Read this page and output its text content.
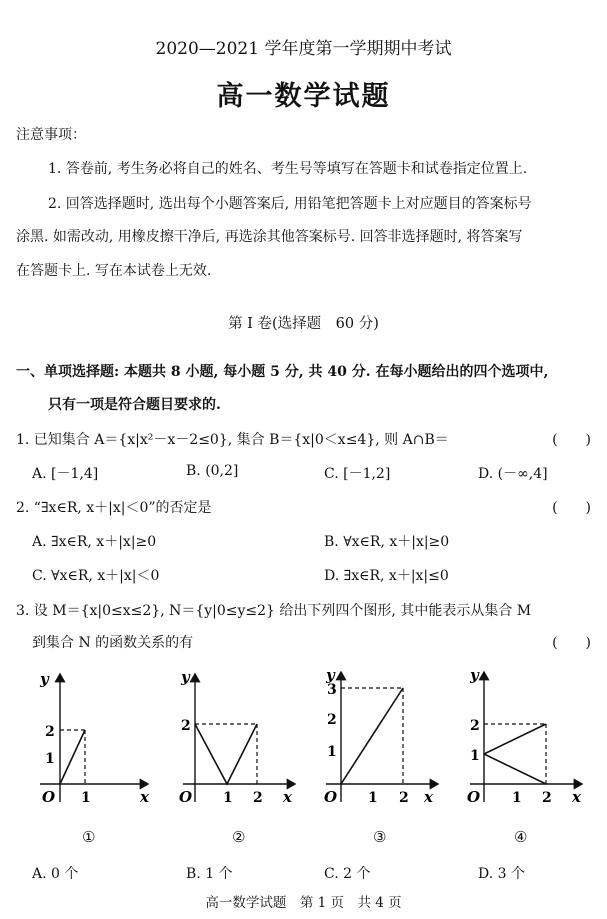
2020—2021 学年度第一学期期中考试
高一数学试题
注意事项：
1. 答卷前, 考生务必将自己的姓名、考生号等填写在答题卡和试卷指定位置上.
2. 回答选择题时, 选出每个小题答案后, 用铅笔把答题卡上对应题目的答案标号
涂黑. 如需改动, 用橡皮擦干净后, 再选涂其他答案标号. 回答非选择题时, 将答案写
在答题卡上. 写在本试卷上无效.
第 Ⅰ 卷(选择题　60 分)
一、单项选择题: 本题共 8 小题, 每小题 5 分, 共 40 分. 在每小题给出的四个选项中,
只有一项是符合题目要求的.
1. 已知集合 A＝{x|x²－x－2≤0}, 集合 B＝{x|0＜x≤4}, 则 A∩B＝	(　　)
A. [－1,4]	B. (0,2]	C. [－1,2]	D. (－∞,4]
2. “∃x∈R, x＋|x|＜0”的否定是	(　　)
A. ∃x∈R, x＋|x|≥0	B. ∀x∈R, x＋|x|≥0
C. ∀x∈R, x＋|x|＜0	D. ∃x∈R, x＋|x|≤0
3. 设 M＝{x|0≤x≤2}, N＝{y|0≤y≤2} 给出下列四个图形, 其中能表示从集合 M
到集合 N 的函数关系的有	(　　)
y
x
O
2
1
1
y
x
O
2
1 2
y
x
O
3
2
1
1 2
y
x
O
2
1
1 2
①	②	③	④
A. 0 个	B. 1 个	C. 2 个	D. 3 个
高一数学试题　第 1 页　共 4 页
